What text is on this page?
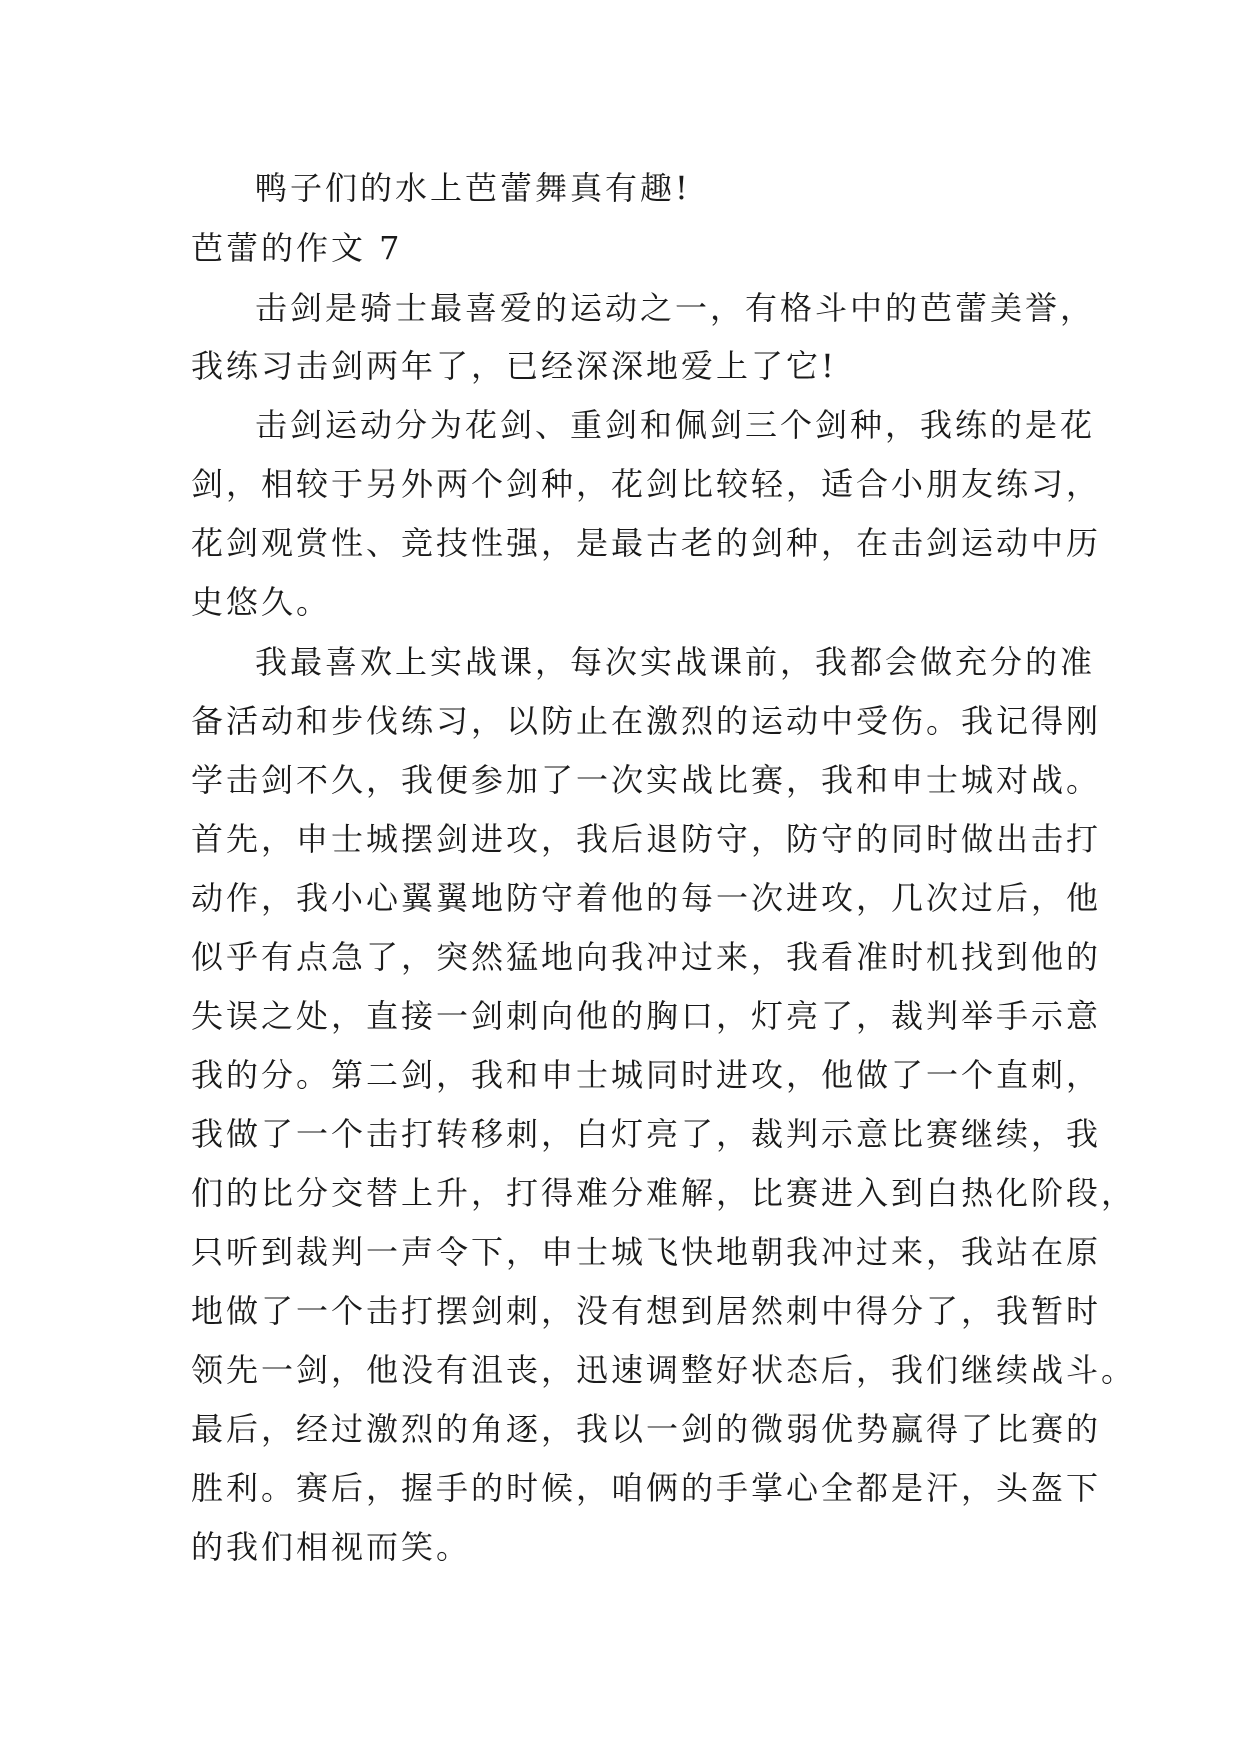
鸭子们的水上芭蕾舞真有趣!
芭蕾的作文 7
击剑是骑士最喜爱的运动之一，有格斗中的芭蕾美誉，
我练习击剑两年了，已经深深地爱上了它!
击剑运动分为花剑、重剑和佩剑三个剑种，我练的是花
剑，相较于另外两个剑种，花剑比较轻，适合小朋友练习，
花剑观赏性、竞技性强，是最古老的剑种，在击剑运动中历
史悠久。
我最喜欢上实战课，每次实战课前，我都会做充分的准
备活动和步伐练习，以防止在激烈的运动中受伤。我记得刚
学击剑不久，我便参加了一次实战比赛，我和申士城对战。
首先，申士城摆剑进攻，我后退防守，防守的同时做出击打
动作，我小心翼翼地防守着他的每一次进攻，几次过后，他
似乎有点急了，突然猛地向我冲过来，我看准时机找到他的
失误之处，直接一剑刺向他的胸口，灯亮了，裁判举手示意
我的分。第二剑，我和申士城同时进攻，他做了一个直刺，
我做了一个击打转移刺，白灯亮了，裁判示意比赛继续，我
们的比分交替上升，打得难分难解，比赛进入到白热化阶段，
只听到裁判一声令下，申士城飞快地朝我冲过来，我站在原
地做了一个击打摆剑刺，没有想到居然刺中得分了，我暂时
领先一剑，他没有沮丧，迅速调整好状态后，我们继续战斗。
最后，经过激烈的角逐，我以一剑的微弱优势赢得了比赛的
胜利。赛后，握手的时候，咱俩的手掌心全都是汗，头盔下
的我们相视而笑。
